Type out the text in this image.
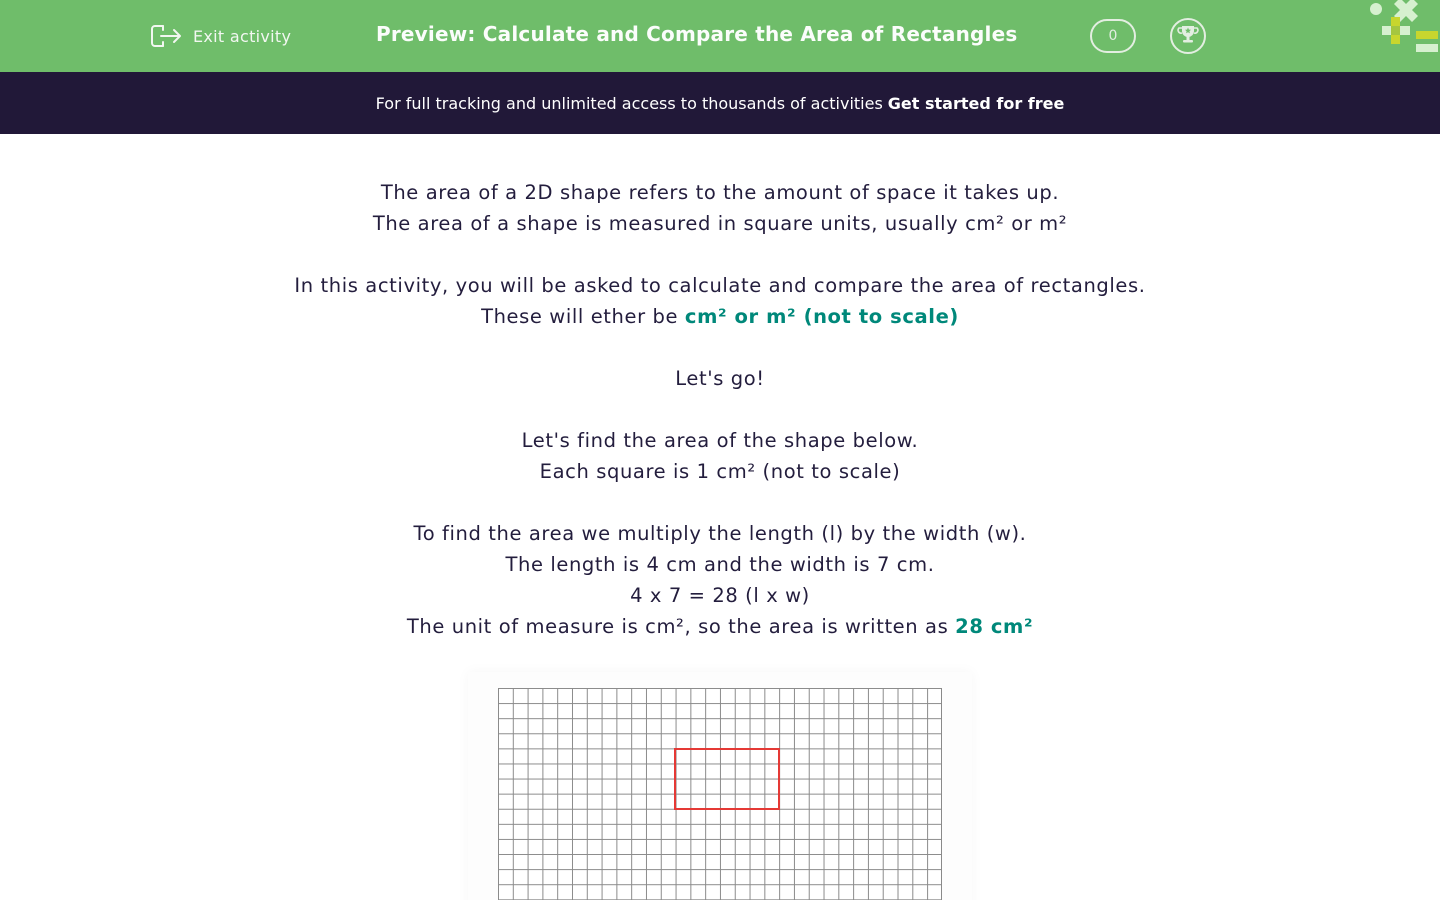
Exit activity	Preview: Calculate and Compare the Area of Rectangles	0
For full tracking and unlimited access to thousands of activities Get started for free
The area of a 2D shape refers to the amount of space it takes up.
The area of a shape is measured in square units, usually cm² or m²
In this activity, you will be asked to calculate and compare the area of rectangles.
These will ether be cm² or m² (not to scale)
Let's go!
Let's find the area of the shape below.
Each square is 1 cm² (not to scale)
To find the area we multiply the length (l) by the width (w).
The length is 4 cm and the width is 7 cm.
4 x 7 = 28 (l x w)
The unit of measure is cm², so the area is written as 28 cm²
